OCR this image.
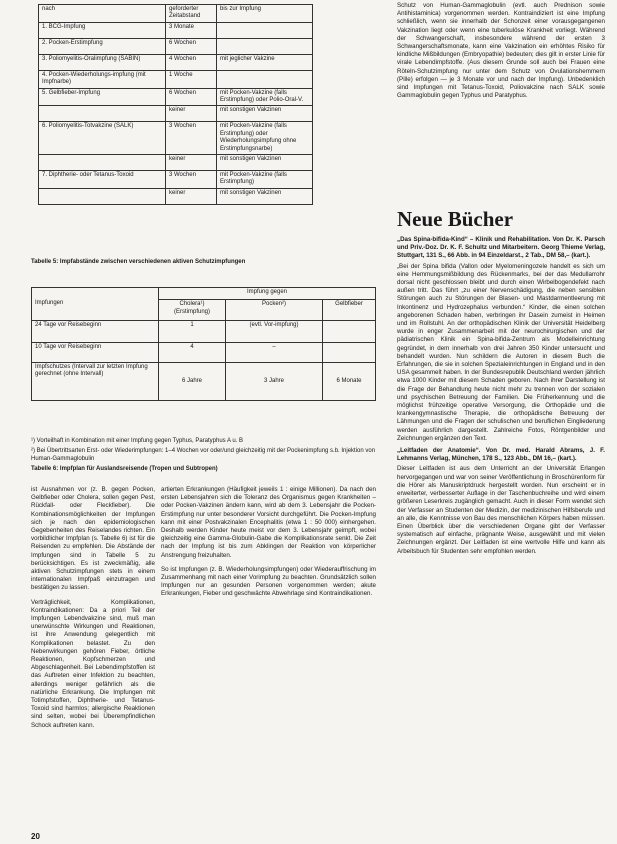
nach	geforderter Zeitabstand	bis zur Impfung
1. BCG-Impfung	3 Monate	
2. Pocken-Erstimpfung	6 Wochen	
3. Poliomyelitis-Oralimpfung (SABIN)	4 Wochen	mit jeglicher Vakzine
4. Pocken-Wiederholungs-impfung (mit Impfnarbe)	1 Woche	
5. Gelbfieber-Impfung	6 Wochen	mit Pocken-Vakzine (falls Erstimpfung) oder Polio-Oral-V.
	keiner	mit sonstigen Vakzinen
6. Poliomyelitis-Totvakzine (SALK)	3 Wochen	mit Pocken-Vakzine (falls Erstimpfung) oder Wiederholungsimpfung ohne Erstimpfungsnarbe)
	keiner	mit sonstigen Vakzinen
7. Diphtherie- oder Tetanus-Toxoid	3 Wochen	mit Pocken-Vakzine (falls Erstimpfung)
	keiner	mit sonstigen Vakzinen
Tabelle 5: Impfabstände zwischen verschiedenen aktiven Schutzimpfungen
Impfungen	Impfung gegen		
	Cholera¹) (Erstimpfung)	Pocken²)	Gelbfieber
24 Tage vor Reisebeginn	1	(evtl. Vor-impfung)	
10 Tage vor Reisebeginn	4	–	
Impfschutzes (Intervall zur letzten Impfung gerechnet (ohne Intervall)	6 Jahre	3 Jahre	6 Monate
¹) Vorteilhaft in Kombination mit einer Impfung gegen Typhus, Paratyphus A u. B
²) Bei Übertrittsarten Erst- oder Wiederimpfungen: 1–4 Wochen vor oder/und gleichzeitig mit der Pockenimpfung s.b. Injektion von Human-Gammaglobulin
Tabelle 6: Impfplan für Auslandsreisende (Tropen und Subtropen)

ist Ausnahmen vor (z. B. gegen Pocken, Gelbfieber oder Cholera, sollen gegen Pest, Rückfall- oder Fleckfieber). Die Kombinationsmöglichkeiten der Impfungen sich je nach den epidemiologischen Gegebenheiten des Reiselandes richten. Ein vorbildlicher Impfplan (s. Tabelle 6) ist für die Reisenden zu empfehlen. Die Abstände der Impfungen sind in Tabelle 5 zu berücksichtigen. Es ist zweckmäßig, alle aktiven Schutzimpfungen stets in einem internationalen Impfpaß einzutragen und bestätigen zu lassen.

Verträglichkeit, Komplikationen, Kontraindikationen: Da a priori Teil der Impfungen Lebendvakzine sind, muß man unerwünschte Wirkungen und Reaktionen, ist ihre Anwendung gelegentlich mit Komplikationen belastet. Zu den Nebenwirkungen gehören Fieber, örtliche Reaktionen, Kopfschmerzen und Abgeschlagenheit. Bei Lebendimpfstoffen ist das Auftreten einer Infektion zu beachten, allerdings weniger gefährlich als die natürliche Erkrankung. Die Impfungen mit Totimpfstoffen, Diphtherie- und Tetanus-Toxoid sind harmlos; allergische Reaktionen sind selten, wobei bei Überempfindlichen Schock auftreten kann.

artierten Erkrankungen (Häufigkeit jeweils 1 : einige Millionen). Da nach den ersten Lebensjahren sich die Toleranz des Organismus gegen Krankheiten – oder Pocken-Vakzinen ändern kann, wird ab dem 3. Lebensjahr die Pocken-Erstimpfung nur unter besonderer Vorsicht durchgeführt. Die Pocken-Impfung kann mit einer Postvakzinalen Encephalitis (etwa 1 : 50 000) einhergehen. Deshalb werden Kinder heute meist vor dem 3. Lebensjahr geimpft, wobei gleichzeitig eine Gamma-Globulin-Gabe die Komplikationsrate senkt. Die Zeit nach der Impfung ist bis zum Abklingen der Reaktion von körperlicher Anstrengung freizuhalten.

So ist Impfungen (z. B. Wiederholungsimpfungen) oder Wiederauffrischung im Zusammenhang mit nach einer Vorimpfung zu beachten. Grundsätzlich sollen Impfungen nur an gesunden Personen vorgenommen werden; akute Erkrankungen, Fieber und geschwächte Abwehrlage sind Kontraindikationen.

20
Schutz von Human-Gammaglobulin (evtl. auch Prednison sowie Antihistaminica) vorgenommen werden. Kontraindiziert ist eine Impfung schließlich, wenn sie innerhalb der Schonzeit einer vorausgegangenen Vakzination liegt oder wenn eine tuberkulöse Krankheit vorliegt. Während der Schwangerschaft, insbesondere während der ersten 3 Schwangerschaftsmonate, kann eine Vakzination ein erhöhtes Risiko für kindliche Mißbildungen (Embryopathie) bedeuten; dies gilt in erster Linie für virale Lebendimpfstoffe. (Aus diesem Grunde soll auch bei Frauen eine Röteln-Schutzimpfung nur unter dem Schutz von Ovulationshemmern (Pille) erfolgen — je 3 Monate vor und nach der Impfung). Unbedenklich sind Impfungen mit Tetanus-Toxoid, Poliovakzine nach SALK sowie Gammaglobulin gegen Typhus und Paratyphus.
Neue Bücher

„Das Spina-bifida-Kind“ – Klinik und Rehabilitation. Von Dr. K. Parsch und Priv.-Doz. Dr. K. F. Schultz und Mitarbeitern. Georg Thieme Verlag, Stuttgart, 131 S., 66 Abb. in 94 Einzeldarst., 2 Tab., DM 58,– (kart.).

„Bei der Spina bifida (Vallon oder Myelomeningozele handelt es sich um eine Hemmungsmißbildung des Rückenmarks, bei der das Medullarrohr dorsal nicht geschlossen bleibt und durch einen Wirbelbogendefekt nach außen tritt. Das führt „zu einer Nervenschädigung, die neben sensiblen Störungen auch zu Störungen der Blasen- und Mastdarmentleerung mit Inkontinenz und Hydrozephalus verbunden.“ Kinder, die einen solchen angeborenen Schaden haben, verbringen ihr Dasein zumeist in Heimen und im Rollstuhl. An der orthopädischen Klinik der Universität Heidelberg wurde in enger Zusammenarbeit mit der neurochirurgischen und der pädiatrischen Klinik ein Spina-bifida-Zentrum als Modelleinrichtung gegründet, in dem innerhalb von drei Jahren 350 Kinder untersucht und behandelt wurden. Nun schildern die Autoren in diesem Buch die Erfahrungen, die sie in solchen Spezialeinrichtungen in England und in den USA gesammelt haben. In der Bundesrepublik Deutschland werden jährlich etwa 1000 Kinder mit diesem Schaden geboren. Nach ihrer Darstellung ist die Frage der Behandlung heute nicht mehr zu trennen von der sozialen und psychischen Betreuung der Familien. Die Früherkennung und die möglichst frühzeitige operative Versorgung, die Orthopädie und die krankengymnastische Therapie, die orthopädische Betreuung der Lähmungen und die Fragen der schulischen und beruflichen Eingliederung werden ausführlich dargestellt. Zahlreiche Fotos, Röntgenbilder und Zeichnungen ergänzen den Text.

„Leitfaden der Anatomie“. Von Dr. med. Harald Abrams, J. F. Lehmanns Verlag, München, 178 S., 123 Abb., DM 16,– (kart.).

Dieser Leitfaden ist aus dem Unterricht an der Universität Erlangen hervorgegangen und war von seiner Veröffentlichung in Broschürenform für die Hörer als Manuskriptdruck hergestellt worden. Nun erscheint er in erweiterter, verbesserter Auflage in der Taschenbuchreihe und wird einem größeren Leserkreis zugänglich gemacht. Auch in dieser Form wendet sich der Verfasser an Studenten der Medizin, der medizinischen Hilfsberufe und an alle, die Kenntnisse von Bau des menschlichen Körpers haben müssen. Einen Überblick über die verschiedenen Organe gibt der Verfasser systematisch auf einfache, prägnante Weise, ausgewählt und mit vielen Zeichnungen ergänzt. Der Leitfaden ist eine wertvolle Hilfe und kann als Arbeitsbuch für Studenten sehr empfohlen werden.
